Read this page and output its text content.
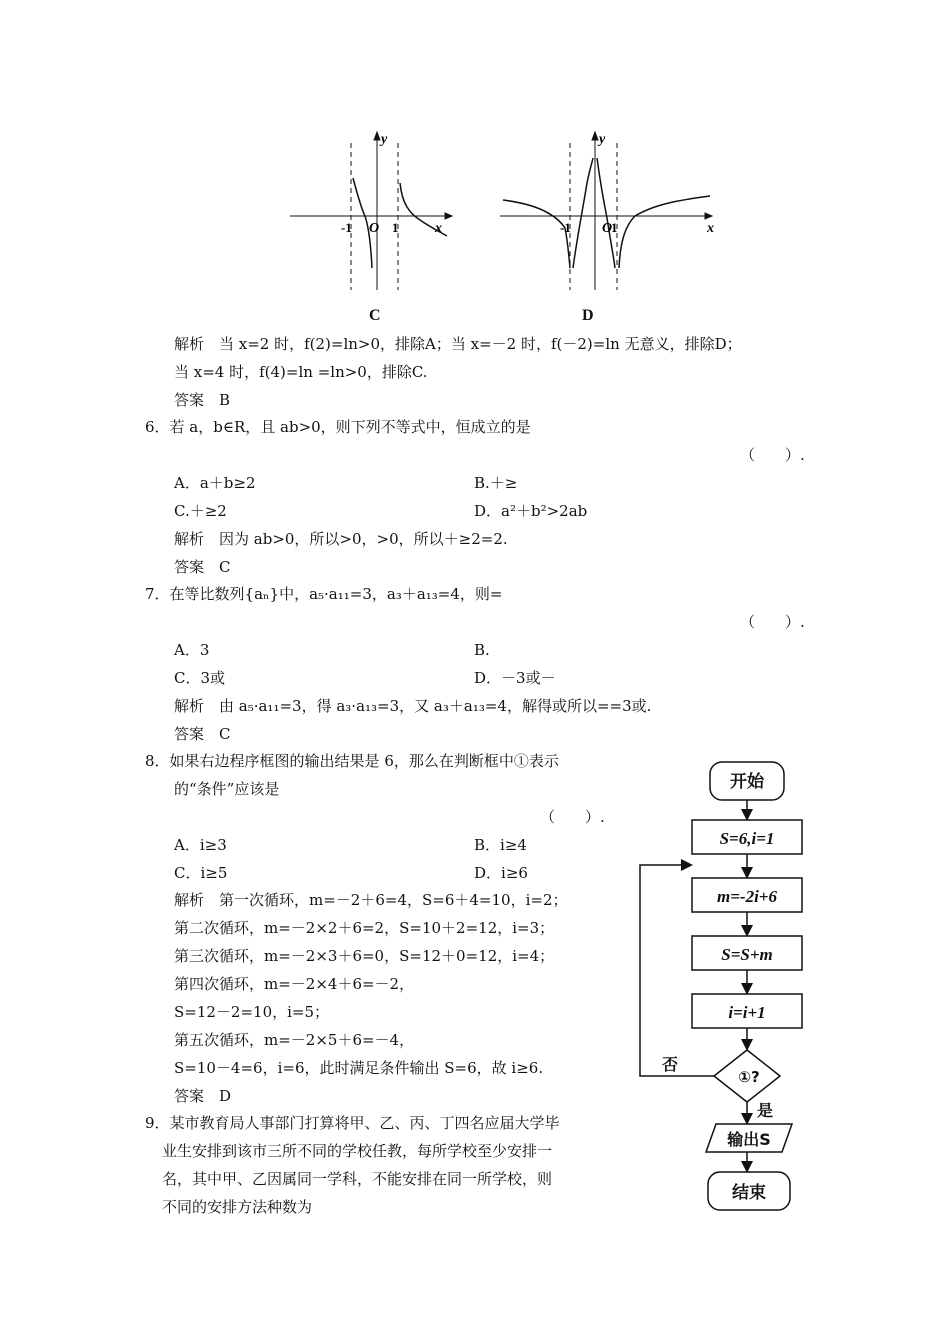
y
x
O
-1	1
C
y
x
O
-1	1
D
解析　当 x=2 时，f(2)=ln>0，排除A；当 x=－2 时，f(－2)=ln 无意义，排除D；
当 x=4 时，f(4)=ln =ln>0，排除C.
答案　B
6．若 a，b∈R，且 ab>0，则下列不等式中，恒成立的是
（　　）.
A．a＋b≥2	B.＋≥
C.＋≥2	D．a²＋b²>2ab
解析　因为 ab>0，所以>0，>0，所以＋≥2=2.
答案　C
7．在等比数列{aₙ}中，a₅·a₁₁=3，a₃＋a₁₃=4，则=
（　　）.
A．3	B.
C．3或	D．－3或－
解析　由 a₅·a₁₁=3，得 a₃·a₁₃=3，又 a₃＋a₁₃=4，解得或所以==3或.
答案　C
8．如果右边程序框图的输出结果是 6，那么在判断框中①表示
的“条件”应该是
（　　）.
A．i≥3	B．i≥4
C．i≥5	D．i≥6
解析　第一次循环，m=－2＋6=4，S=6＋4=10，i=2；
第二次循环，m=－2×2＋6=2，S=10＋2=12，i=3；
第三次循环，m=－2×3＋6=0，S=12＋0=12，i=4；
第四次循环，m=－2×4＋6=－2，
S=12－2=10，i=5；
第五次循环，m=－2×5＋6=－4，
S=10－4=6，i=6，此时满足条件输出 S=6，故 i≥6.
答案　D
9．某市教育局人事部门打算将甲、乙、丙、丁四名应届大学毕
业生安排到该市三所不同的学校任教，每所学校至少安排一
名，其中甲、乙因属同一学科，不能安排在同一所学校，则
不同的安排方法种数为
开始
S=6,i=1
m=-2i+6
S=S+m
i=i+1
①?
否
是
输出S
结束
